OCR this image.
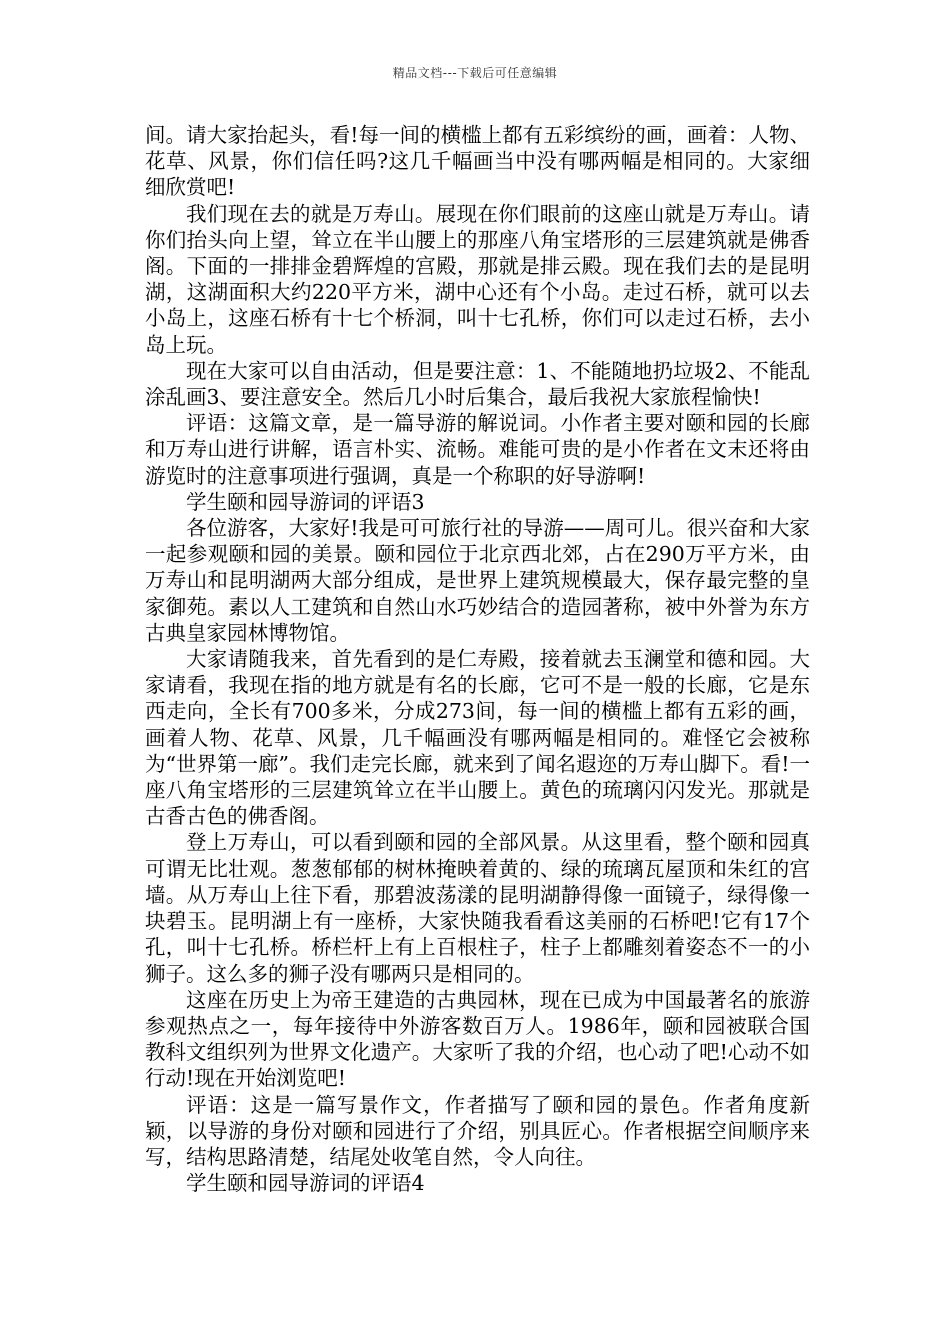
精品文档---下载后可任意编辑

间。请大家抬起头，看!每一间的横槛上都有五彩缤纷的画，画着：人物、花草、风景，你们信任吗?这几千幅画当中没有哪两幅是相同的。大家细细欣赏吧!

我们现在去的就是万寿山。展现在你们眼前的这座山就是万寿山。请你们抬头向上望，耸立在半山腰上的那座八角宝塔形的三层建筑就是佛香阁。下面的一排排金碧辉煌的宫殿，那就是排云殿。现在我们去的是昆明湖，这湖面积大约220平方米，湖中心还有个小岛。走过石桥，就可以去小岛上，这座石桥有十七个桥洞，叫十七孔桥，你们可以走过石桥，去小岛上玩。

现在大家可以自由活动，但是要注意：1、不能随地扔垃圾2、不能乱涂乱画3、要注意安全。然后几小时后集合，最后我祝大家旅程愉快!

评语：这篇文章，是一篇导游的解说词。小作者主要对颐和园的长廊和万寿山进行讲解，语言朴实、流畅。难能可贵的是小作者在文末还将由游览时的注意事项进行强调，真是一个称职的好导游啊!

学生颐和园导游词的评语3

各位游客，大家好!我是可可旅行社的导游——周可儿。很兴奋和大家一起参观颐和园的美景。颐和园位于北京西北郊，占在290万平方米，由万寿山和昆明湖两大部分组成，是世界上建筑规模最大，保存最完整的皇家御苑。素以人工建筑和自然山水巧妙结合的造园著称，被中外誉为东方古典皇家园林博物馆。

大家请随我来，首先看到的是仁寿殿，接着就去玉澜堂和德和园。大家请看，我现在指的地方就是有名的长廊，它可不是一般的长廊，它是东西走向，全长有700多米，分成273间，每一间的横槛上都有五彩的画，画着人物、花草、风景，几千幅画没有哪两幅是相同的。难怪它会被称为“世界第一廊”。我们走完长廊，就来到了闻名遐迩的万寿山脚下。看!一座八角宝塔形的三层建筑耸立在半山腰上。黄色的琉璃闪闪发光。那就是古香古色的佛香阁。

登上万寿山，可以看到颐和园的全部风景。从这里看，整个颐和园真可谓无比壮观。葱葱郁郁的树林掩映着黄的、绿的琉璃瓦屋顶和朱红的宫墙。从万寿山上往下看，那碧波荡漾的昆明湖静得像一面镜子，绿得像一块碧玉。昆明湖上有一座桥，大家快随我看看这美丽的石桥吧!它有17个孔，叫十七孔桥。桥栏杆上有上百根柱子，柱子上都雕刻着姿态不一的小狮子。这么多的狮子没有哪两只是相同的。

这座在历史上为帝王建造的古典园林，现在已成为中国最著名的旅游参观热点之一，每年接待中外游客数百万人。1986年，颐和园被联合国教科文组织列为世界文化遗产。大家听了我的介绍，也心动了吧!心动不如行动!现在开始浏览吧!

评语：这是一篇写景作文，作者描写了颐和园的景色。作者角度新颖，以导游的身份对颐和园进行了介绍，别具匠心。作者根据空间顺序来写，结构思路清楚，结尾处收笔自然，令人向往。

学生颐和园导游词的评语4
